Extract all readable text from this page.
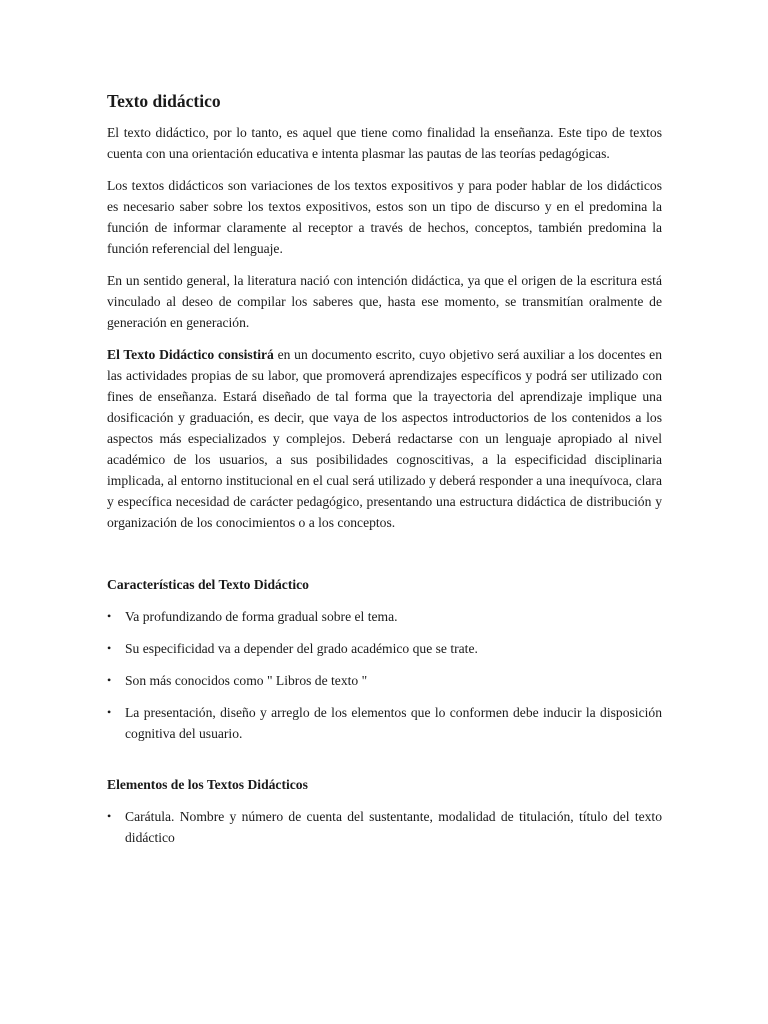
Texto didáctico

El texto didáctico, por lo tanto, es aquel que tiene como finalidad la enseñanza. Este tipo de textos cuenta con una orientación educativa e intenta plasmar las pautas de las teorías pedagógicas.

Los textos didácticos son variaciones de los textos expositivos y para poder hablar de los didácticos es necesario saber sobre los textos expositivos, estos son un tipo de discurso y en el predomina la función de informar claramente al receptor a través de hechos, conceptos, también predomina la función referencial del lenguaje.

En un sentido general, la literatura nació con intención didáctica, ya que el origen de la escritura está vinculado al deseo de compilar los saberes que, hasta ese momento, se transmitían oralmente de generación en generación.

El Texto Didáctico consistirá en un documento escrito, cuyo objetivo será auxiliar a los docentes en las actividades propias de su labor, que promoverá aprendizajes específicos y podrá ser utilizado con fines de enseñanza. Estará diseñado de tal forma que la trayectoria del aprendizaje implique una dosificación y graduación, es decir, que vaya de los aspectos introductorios de los contenidos a los aspectos más especializados y complejos. Deberá redactarse con un lenguaje apropiado al nivel académico de los usuarios, a sus posibilidades cognoscitivas, a la especificidad disciplinaria implicada, al entorno institucional en el cual será utilizado y deberá responder a una inequívoca, clara y específica necesidad de carácter pedagógico, presentando una estructura didáctica de distribución y organización de los conocimientos o a los conceptos.

Características del Texto Didáctico
• Va profundizando de forma gradual sobre el tema.
• Su especificidad va a depender del grado académico que se trate.
• Son más conocidos como " Libros de texto "
• La presentación, diseño y arreglo de los elementos que lo conformen debe inducir la disposición cognitiva del usuario.
Elementos de los Textos Didácticos
• Carátula. Nombre y número de cuenta del sustentante, modalidad de titulación, título del texto didáctico
